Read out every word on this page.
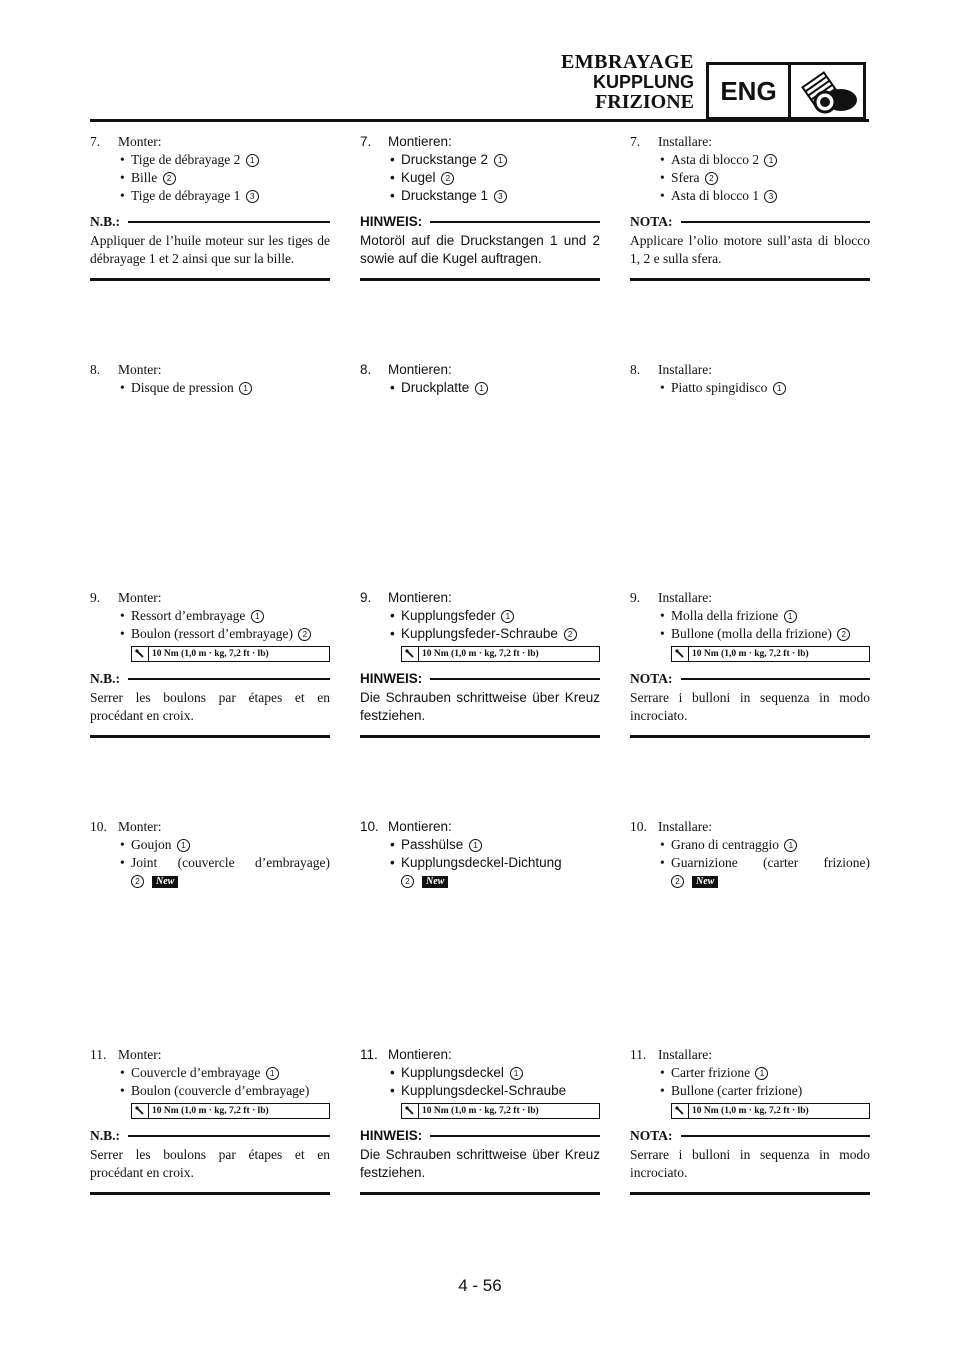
EMBRAYAGE
KUPPLUNG
FRIZIONE	ENG
7.	Monter:
• Tige de débrayage 2 1
• Bille 2
• Tige de débrayage 1 3
N.B.:
Appliquer de l’huile moteur sur les tiges de débrayage 1 et 2 ainsi que sur la bille.
8.	Monter:
• Disque de pression 1
9.	Monter:
• Ressort d’embrayage 1
• Boulon (ressort d’embrayage) 2
10 Nm (1,0 m · kg, 7,2 ft · lb)
N.B.:
Serrer les boulons par étapes et en procédant en croix.
10. Monter:
• Goujon 1
• Joint (couvercle d’embrayage)
2 New
11. Monter:
• Couvercle d’embrayage 1
• Boulon (couvercle d’embrayage)
10 Nm (1,0 m · kg, 7,2 ft · lb)
N.B.:
Serrer les boulons par étapes et en procédant en croix.
7.	Montieren:
• Druckstange 2 1
• Kugel 2
• Druckstange 1 3
HINWEIS:
Motoröl auf die Druckstangen 1 und 2 sowie auf die Kugel auftragen.
8.	Montieren:
• Druckplatte 1
9.	Montieren:
• Kupplungsfeder 1
• Kupplungsfeder-Schraube 2
10 Nm (1,0 m · kg, 7,2 ft · lb)
HINWEIS:
Die Schrauben schrittweise über Kreuz festziehen.
10. Montieren:
• Passhülse 1
• Kupplungsdeckel-Dichtung
2 New
11. Montieren:
• Kupplungsdeckel 1
• Kupplungsdeckel-Schraube
10 Nm (1,0 m · kg, 7,2 ft · lb)
HINWEIS:
Die Schrauben schrittweise über Kreuz festziehen.
7.	Installare:
• Asta di blocco 2 1
• Sfera 2
• Asta di blocco 1 3
NOTA:
Applicare l’olio motore sull’asta di blocco 1, 2 e sulla sfera.
8.	Installare:
• Piatto spingidisco 1
9.	Installare:
• Molla della frizione 1
• Bullone (molla della frizione) 2
10 Nm (1,0 m · kg, 7,2 ft · lb)
NOTA:
Serrare i bulloni in sequenza in modo incrociato.
10. Installare:
• Grano di centraggio 1
• Guarnizione (carter frizione)
2 New
11. Installare:
• Carter frizione 1
• Bullone (carter frizione)
10 Nm (1,0 m · kg, 7,2 ft · lb)
NOTA:
Serrare i bulloni in sequenza in modo incrociato.
4 - 56
